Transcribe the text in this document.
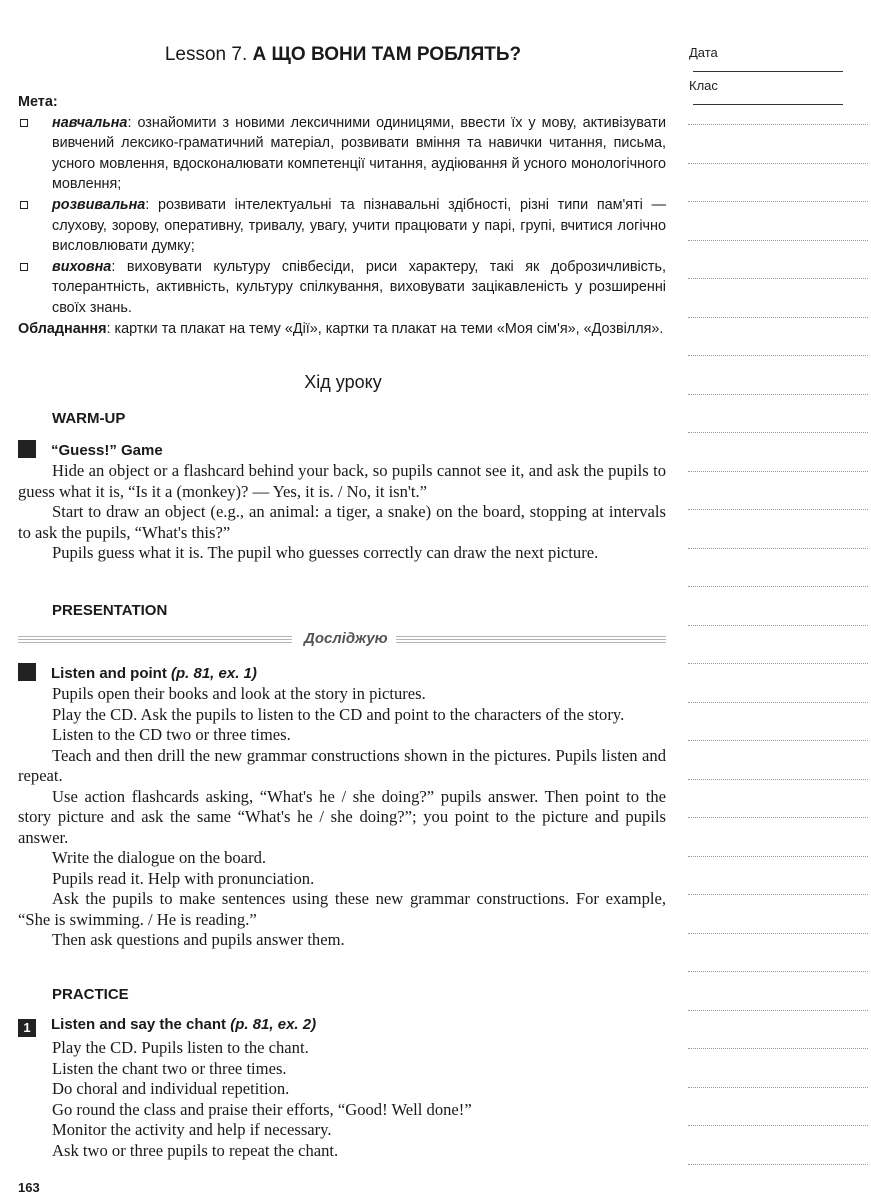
Дата
Клас
Lesson 7. А ЩО ВОНИ ТАМ РОБЛЯТЬ?
Мета:
навчальна: ознайомити з новими лексичними одиницями, ввести їх у мову, активізувати вивчений лексико-граматичний матеріал, розвивати вміння та навички читання, письма, усного мовлення, вдосконалювати компетенції читання, аудіювання й усного монологічного мовлення;
розвивальна: розвивати інтелектуальні та пізнавальні здібності, різні типи пам'яті — слухову, зорову, оперативну, тривалу, увагу, учити працювати у парі, групі, вчитися логічно висловлювати думку;
виховна: виховувати культуру співбесіди, риси характеру, такі як доброзичливість, толерантність, активність, культуру спілкування, виховувати зацікавленість у розширенні своїх знань.
Обладнання: картки та плакат на тему «Дії», картки та плакат на теми «Моя сім'я», «Дозвілля».
Хід уроку
WARM-UP
“Guess!” Game

Hide an object or a flashcard behind your back, so pupils cannot see it, and ask the pupils to guess what it is, “Is it a (monkey)? — Yes, it is. / No, it isn't.”

Start to draw an object (e.g., an animal: a tiger, a snake) on the board, stopping at intervals to ask the pupils, “What's this?”

Pupils guess what it is. The pupil who guesses correctly can draw the next picture.

PRESENTATION
Досліджую
Listen and point (p. 81, ex. 1)

Pupils open their books and look at the story in pictures.

Play the CD. Ask the pupils to listen to the CD and point to the characters of the story.

Listen to the CD two or three times.

Teach and then drill the new grammar constructions shown in the pictures. Pupils listen and repeat.

Use action flashcards asking, “What's he / she doing?” pupils answer. Then point to the story picture and ask the same “What's he / she doing?”; you point to the picture and pupils answer.

Write the dialogue on the board.

Pupils read it. Help with pronunciation.

Ask the pupils to make sentences using these new grammar constructions. For example, “She is swimming. / He is reading.”

Then ask questions and pupils answer them.

PRACTICE
1 Listen and say the chant (p. 81, ex. 2)

Play the CD. Pupils listen to the chant.

Listen the chant two or three times.

Do choral and individual repetition.

Go round the class and praise their efforts, “Good! Well done!”

Monitor the activity and help if necessary.

Ask two or three pupils to repeat the chant.

163
